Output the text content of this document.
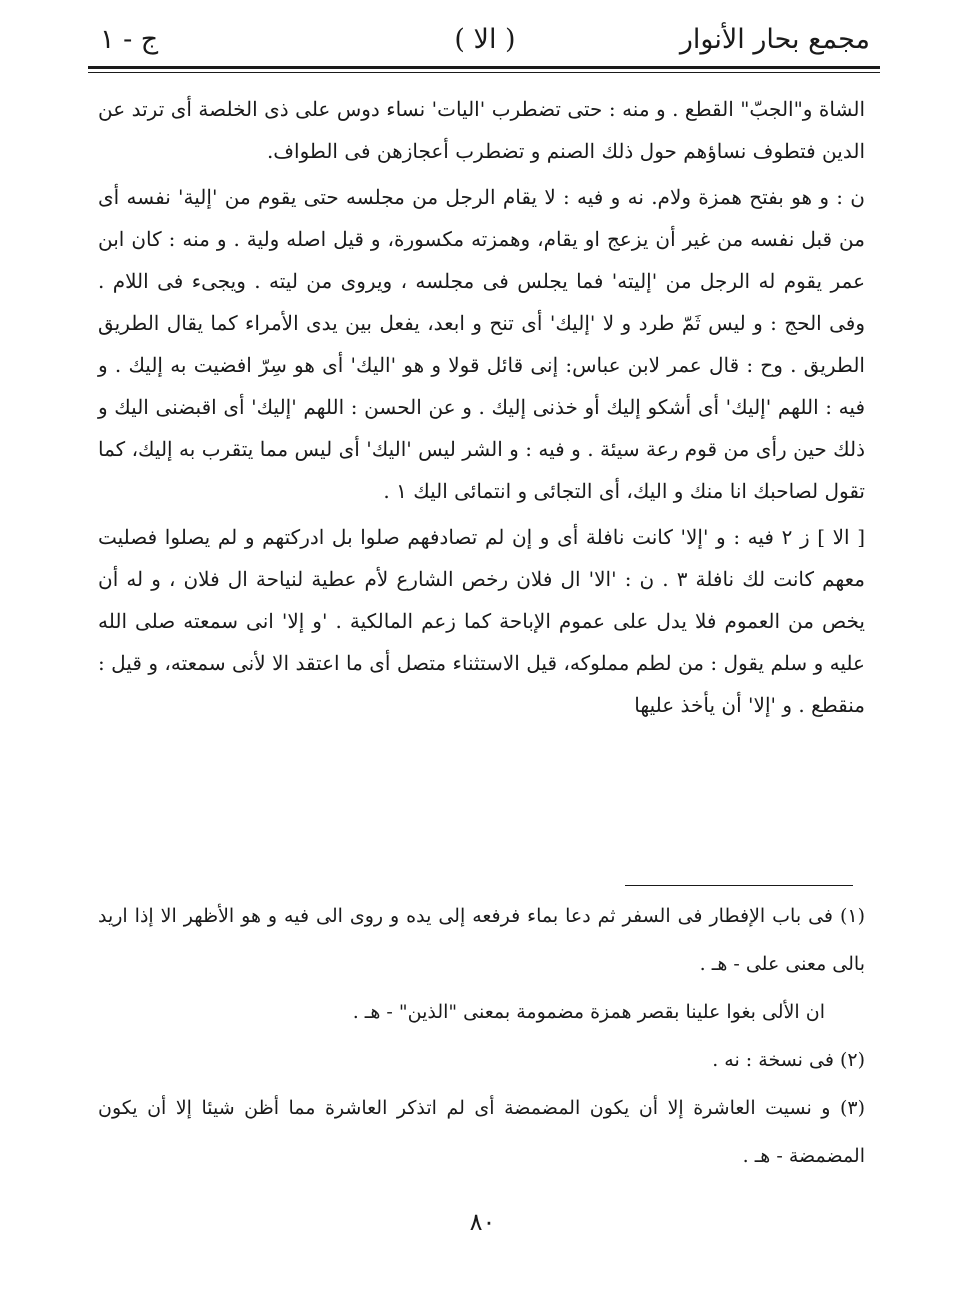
ج - ١	( الا )	مجمع بحار الأنوار

الشاة و"الجبّ" القطع . و منه : حتى تضطرب 'اليات' نساء دوس على ذى الخلصة أى ترتد عن الدين فتطوف نساؤهم حول ذلك الصنم و تضطرب أعجازهن فى الطواف.

ن : و هو بفتح همزة ولام. نه و فيه : لا يقام الرجل من مجلسه حتى يقوم من 'إلية' نفسه أى من قبل نفسه من غير أن يزعج او يقام، وهمزته مكسورة، و قيل اصله ولية . و منه : كان ابن عمر يقوم له الرجل من 'إليته' فما يجلس فى مجلسه ، ويروى من ليته . ويجىء فى اللام . وفى الحج : و ليس ثَمّ طرد و لا 'إليك' أى تنح و ابعد، يفعل بين يدى الأمراء كما يقال الطريق الطريق . وح : قال عمر لابن عباس: إنى قائل قولا و هو 'اليك' أى هو سِرّ افضيت به إليك . و فيه : اللهم 'إليك' أى أشكو إليك أو خذنى إليك . و عن الحسن : اللهم 'إليك' أى اقبضنى اليك و ذلك حين رأى من قوم رعة سيئة . و فيه : و الشر ليس 'اليك' أى ليس مما يتقرب به إليك، كما تقول لصاحبك انا منك و اليك، أى التجائى و انتمائى اليك ١ .

[ الا ] ز ٢ فيه : و 'إلا' كانت نافلة أى و إن لم تصادفهم صلوا بل ادركتهم و لم يصلوا فصليت معهم كانت لك نافلة ٣ . ن : 'الا' ال فلان رخص الشارع لأم عطية لنياحة ال فلان ، و له أن يخص من العموم فلا يدل على عموم الإباحة كما زعم المالكية . 'و إلا' انى سمعته صلى الله عليه و سلم يقول : من لطم مملوكه، قيل الاستثناء متصل أى ما اعتقد الا لأنى سمعته، و قيل : منقطع . و 'إلا' أن يأخذ عليها

(١) فى باب الإفطار فى السفر ثم دعا بماء فرفعه إلى يده و روى الى فيه و هو الأظهر الا إذا اريد بالى معنى على - هـ .

ان الألى بغوا علينا بقصر همزة مضمومة بمعنى "الذين" - هـ .

(٢) فى نسخة : نه .

(٣) و نسيت العاشرة إلا أن يكون المضمضة أى لم اتذكر العاشرة مما أظن شيئا إلا أن يكون المضمضة - هـ .

٨٠
